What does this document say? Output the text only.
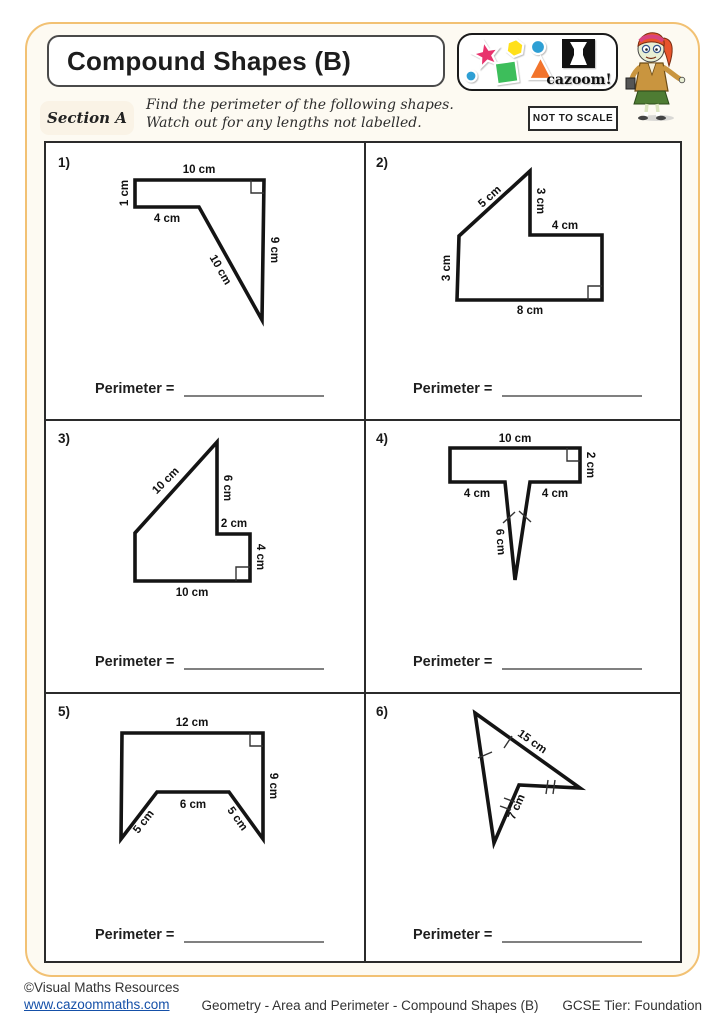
Compound Shapes (B)
cazoom!
Section A
Find the perimeter of the following shapes.
Watch out for any lengths not labelled.	NOT TO SCALE
1)	10 cm
1 cm
4 cm
10 cm
9 cm
Perimeter =
2)
5 cm	3 cm
4 cm
8 cm
3 cm
Perimeter =
3)
10 cm	6 cm
2 cm
4 cm
10 cm
Perimeter =
4)	10 cm
2 cm
4 cm	4 cm
6 cm
Perimeter =
5)
12 cm
9 cm
6 cm
5 cm	5 cm
Perimeter =
6)
15 cm
7 cm
Perimeter =
©Visual Maths Resources
www.cazoommaths.com	Geometry - Area and Perimeter - Compound Shapes (B)	GCSE Tier: Foundation
